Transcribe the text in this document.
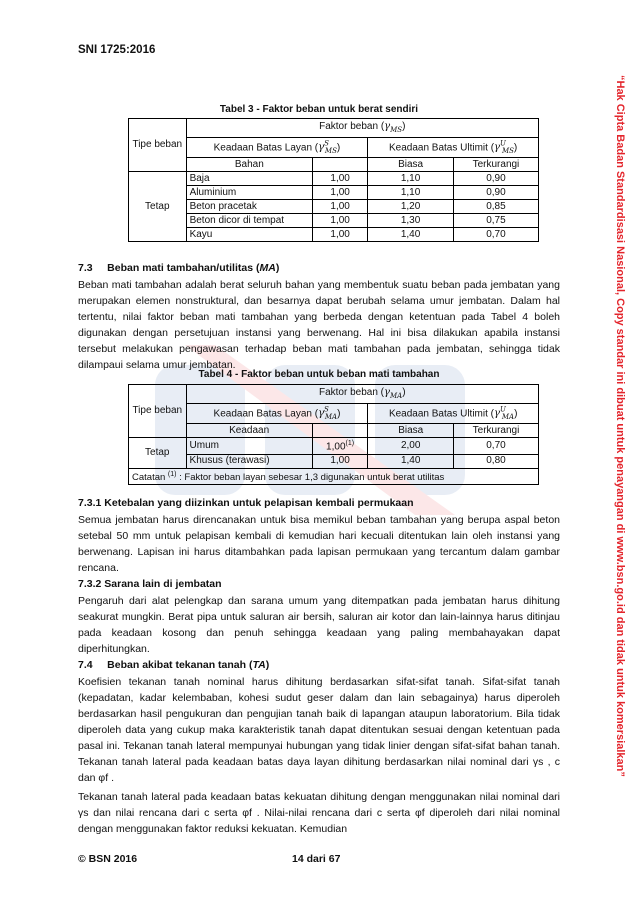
SNI 1725:2016
“Hak Cipta Badan Standardisasi Nasional, Copy standar ini dibuat untuk penayangan di www.bsn.go.id dan tidak untuk komersialkan”
Tabel 3 - Faktor beban untuk berat sendiri
Tipe beban	Faktor beban $(\gamma_{MS})$			
	Keadaan Batas Layan $(\gamma^S_{MS})$		Keadaan Batas Ultimit $(\gamma^U_{MS})$	
	Bahan		Biasa	Terkurangi
Tetap	Baja	1,00	1,10	0,90
	Aluminium	1,00	1,10	0,90
	Beton pracetak	1,00	1,20	0,85
	Beton dicor di tempat	1,00	1,30	0,75
	Kayu	1,00	1,40	0,70
7.3     Beban mati tambahan/utilitas (MA)
Beban mati tambahan adalah berat seluruh bahan yang membentuk suatu beban pada jembatan yang merupakan elemen nonstruktural, dan besarnya dapat berubah selama umur jembatan. Dalam hal tertentu, nilai faktor beban mati tambahan yang berbeda dengan ketentuan pada Tabel 4 boleh digunakan dengan persetujuan instansi yang berwenang. Hal ini bisa dilakukan apabila instansi tersebut melakukan pengawasan terhadap beban mati tambahan pada jembatan, sehingga tidak dilampaui selama umur jembatan.
Tabel 4 - Faktor beban untuk beban mati tambahan
Tipe beban	Faktor beban $(\gamma_{MA})$			
	Keadaan Batas Layan $(\gamma^S_{MA})$		Keadaan Batas Ultimit $(\gamma^U_{MA})$	
	Keadaan		Biasa	Terkurangi
Tetap	Umum	1,00$^{(1)}$	2,00	0,70
	Khusus (terawasi)	1,00	1,40	0,80
Catatan $^{(1)}$ : Faktor beban layan sebesar 1,3 digunakan untuk berat utilitas				
7.3.1 Ketebalan yang diizinkan untuk pelapisan kembali permukaan
Semua jembatan harus direncanakan untuk bisa memikul beban tambahan yang berupa aspal beton setebal 50 mm untuk pelapisan kembali di kemudian hari kecuali ditentukan lain oleh instansi yang berwenang. Lapisan ini harus ditambahkan pada lapisan permukaan yang tercantum dalam gambar rencana.
7.3.2 Sarana lain di jembatan
Pengaruh dari alat pelengkap dan sarana umum yang ditempatkan pada jembatan harus dihitung seakurat mungkin. Berat pipa untuk saluran air bersih, saluran air kotor dan lain-lainnya harus ditinjau pada keadaan kosong dan penuh sehingga keadaan yang paling membahayakan dapat diperhitungkan.
7.4     Beban akibat tekanan tanah (TA)
Koefisien tekanan tanah nominal harus dihitung berdasarkan sifat-sifat tanah. Sifat-sifat tanah (kepadatan, kadar kelembaban, kohesi sudut geser dalam dan lain sebagainya) harus diperoleh berdasarkan hasil pengukuran dan pengujian tanah baik di lapangan ataupun laboratorium. Bila tidak diperoleh data yang cukup maka karakteristik tanah dapat ditentukan sesuai dengan ketentuan pada pasal ini. Tekanan tanah lateral mempunyai hubungan yang tidak linier dengan sifat-sifat bahan tanah. Tekanan tanah lateral pada keadaan batas daya layan dihitung berdasarkan nilai nominal dari γs , c dan φf .
Tekanan tanah lateral pada keadaan batas kekuatan dihitung dengan menggunakan nilai nominal dari γs dan nilai rencana dari c serta φf . Nilai-nilai rencana dari c serta φf diperoleh dari nilai nominal dengan menggunakan faktor reduksi kekuatan. Kemudian
© BSN 2016	14 dari 67
